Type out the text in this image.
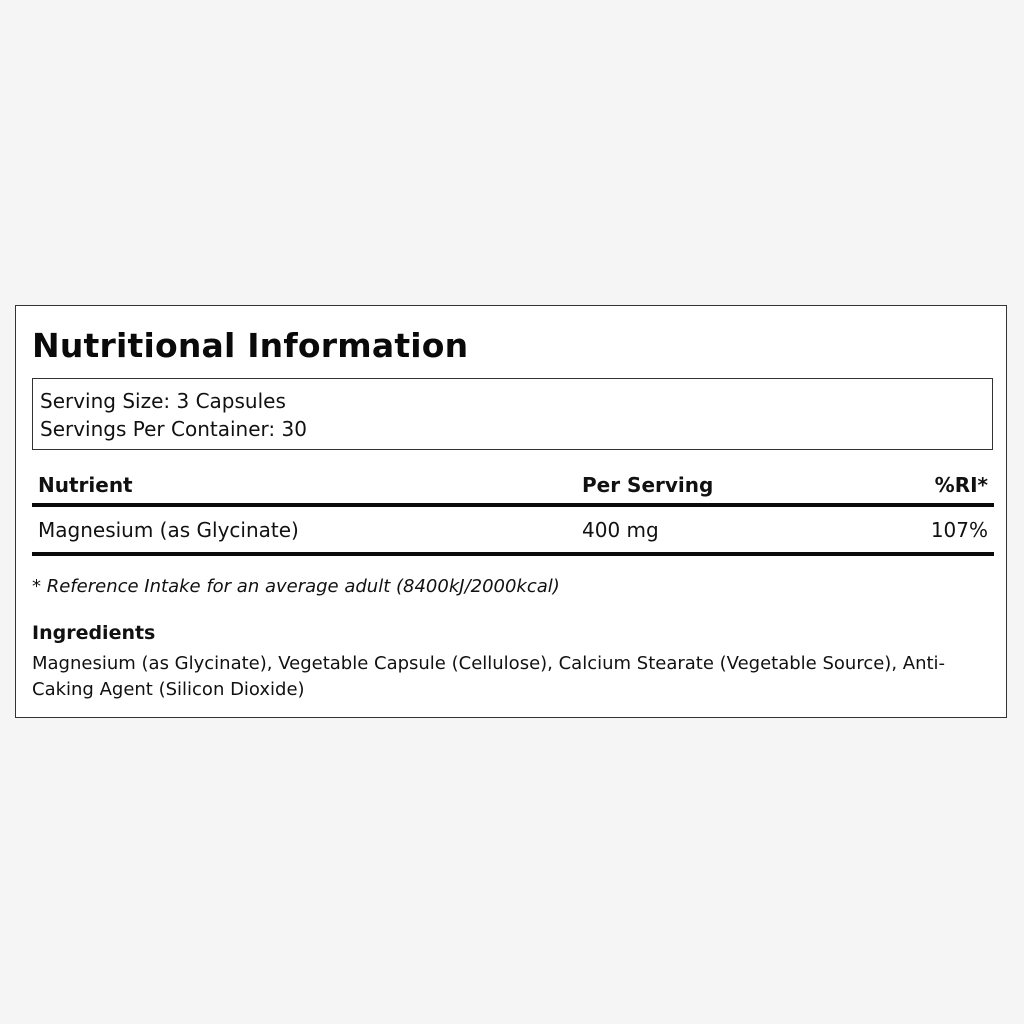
Nutritional Information
Serving Size: 3 Capsules
Servings Per Container: 30
Nutrient	Per Serving	%RI*
Magnesium (as Glycinate)	400 mg	107%
* Reference Intake for an average adult (8400kJ/2000kcal)
Ingredients

Magnesium (as Glycinate), Vegetable Capsule (Cellulose), Calcium Stearate (Vegetable Source), Anti-Caking Agent (Silicon Dioxide)
